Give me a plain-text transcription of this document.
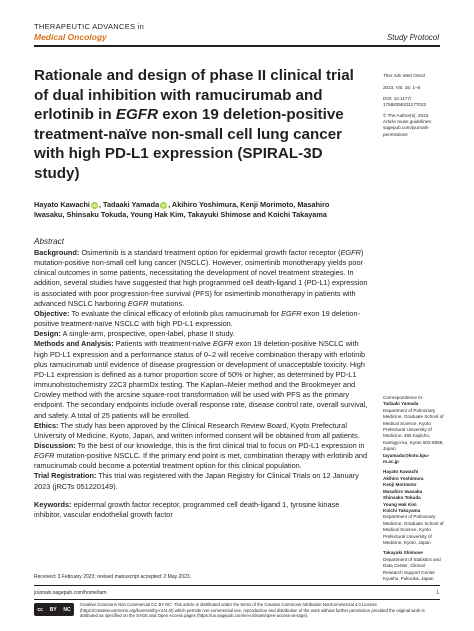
THERAPEUTIC ADVANCES in
Medical Oncology	Study Protocol
Rationale and design of phase II clinical trial of dual inhibition with ramucirumab and erlotinib in EGFR exon 19 deletion-positive treatment-naïve non-small cell lung cancer with high PD-L1 expression (SPIRAL-3D study)
Hayato Kawachi iD , Tadaaki Yamada iD , Akihiro Yoshimura, Kenji Morimoto, Masahiro
Iwasaku, Shinsaku Tokuda, Young Hak Kim, Takayuki Shimose and Koichi Takayama
Ther Adv Med Oncol
2023, Vol. 15: 1–8
DOI: 10.1177/
17588359231177022
© The Author(s), 2023.
Article reuse guidelines:
sagepub.com/journals-
permissions
Correspondence to:
Tadaaki Yamada
Department of Pulmonary Medicine, Graduate School of Medical Science, Kyoto Prefectural University of Medicine, 465 Kajiicho, Kamigyo-ku, Kyoto 602-8566, Japan.
tayamada@koto.kpu-m.ac.jp
Hayato Kawachi
Akihiro Yoshimura
Kenji Morimoto
Masahiro Iwasaku
Shinsaku Tokuda
Young Hak Kim
Koichi Takayama
Department of Pulmonary Medicine, Graduate School of Medical Science, Kyoto Prefectural University of Medicine, Kyoto, Japan
Takayuki Shimose
Department of Statistics and Data Center, Clinical Research Support Center Kyushu, Fukuoka, Japan
Abstract

Background: Osimertinib is a standard treatment option for epidermal growth factor receptor (EGFR) mutation-positive non-small cell lung cancer (NSCLC). However, osimertinib monotherapy yields poor clinical outcomes in some patients, necessitating the development of novel treatment strategies. In addition, several studies have suggested that high programmed cell death-ligand 1 (PD-L1) expression is associated with poor progression-free survival (PFS) for osimertinib monotherapy in patients with advanced NSCLC harboring EGFR mutations.

Objective: To evaluate the clinical efficacy of erlotinib plus ramucirumab for EGFR exon 19 deletion-positive treatment-naïve NSCLC with high PD-L1 expression.

Design: A single-arm, prospective, open-label, phase II study.

Methods and Analysis: Patients with treatment-naïve EGFR exon 19 deletion-positive NSCLC with high PD-L1 expression and a performance status of 0–2 will receive combination therapy with erlotinib plus ramucirumab until evidence of disease progression or development of unacceptable toxicity. High PD-L1 expression is defined as a tumor proportion score of 50% or higher, as determined by PD-L1 immunohistochemistry 22C3 pharmDx testing. The Kaplan–Meier method and the Brookmeyer and Crowley method with the arcsine square-root transformation will be used with PFS as the primary endpoint. The secondary endpoints include overall response rate, disease control rate, overall survival, and safety. A total of 25 patients will be enrolled.

Ethics: The study has been approved by the Clinical Research Review Board, Kyoto Prefectural University of Medicine, Kyoto, Japan, and written informed consent will be obtained from all patients.

Discussion: To the best of our knowledge, this is the first clinical trial to focus on PD-L1 expression in EGFR mutation-positive NSCLC. If the primary end point is met, combination therapy with erlotinib and ramucirumab could become a potential treatment option for this clinical population.

Trial Registration: This trial was registered with the Japan Registry for Clinical Trials on 12 January 2023 (jRCTs 051220149).

Keywords: epidermal growth factor receptor, programmed cell death-ligand 1, tyrosine kinase inhibitor, vascular endothelial growth factor

Received: 3 February 2023; revised manuscript accepted: 2 May 2023.
journals.sagepub.com/home/tam	1
cc BY NC
Creative Commons Non Commercial CC BY-NC: This article is distributed under the terms of the Creative Commons Attribution-NonCommercial 4.0 License (https://creativecommons.org/licenses/by-nc/4.0/) which permits non-commercial use, reproduction and distribution of the work without further permission provided the original work is attributed as specified on the SAGE and Open Access pages (https://us.sagepub.com/en-us/nam/open-access-at-sage).
